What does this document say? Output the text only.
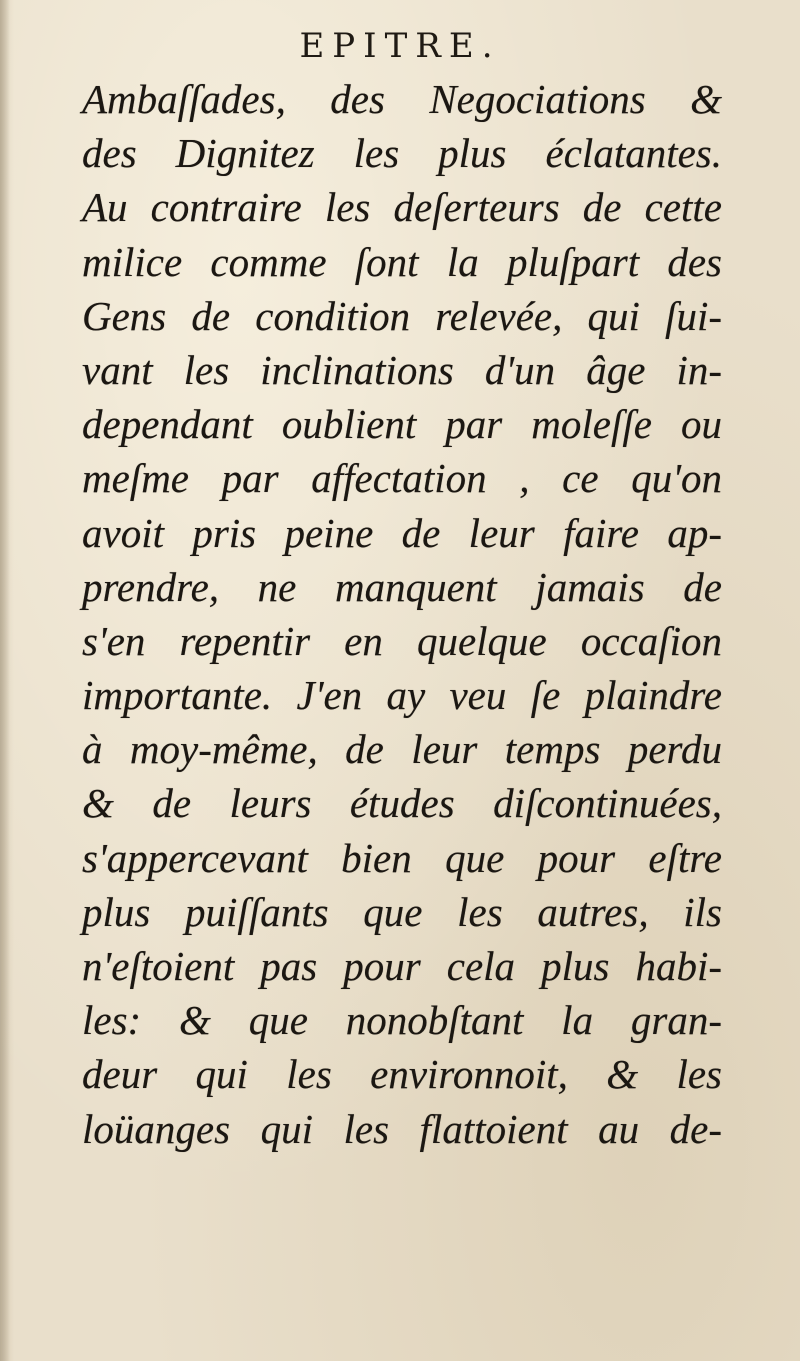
EPITRE.
Ambaſſades, des Negociations &
des Dignitez les plus éclatantes.
Au contraire les deſerteurs de cette
milice comme ſont la pluſpart des
Gens de condition relevée, qui ſui-
vant les inclinations d'un âge in-
dependant oublient par moleſſe ou
meſme par affectation , ce qu'on
avoit pris peine de leur faire ap-
prendre, ne manquent jamais de
s'en repentir en quelque occaſion
importante. J'en ay veu ſe plaindre
à moy-même, de leur temps perdu
& de leurs études diſcontinuées,
s'appercevant bien que pour eſtre
plus puiſſants que les autres, ils
n'eſtoient pas pour cela plus habi-
les: & que nonobſtant la gran-
deur qui les environnoit, & les
loüanges qui les flattoient au de-
